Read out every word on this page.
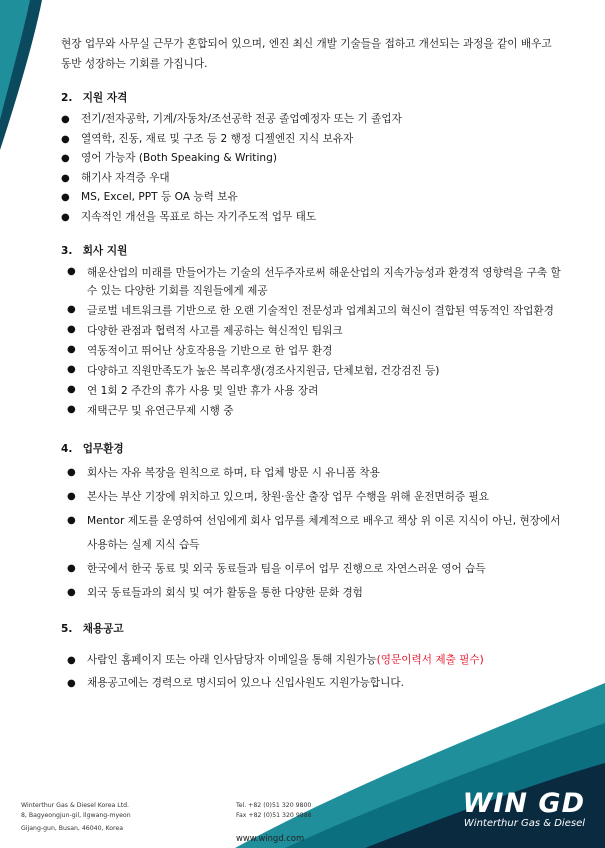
현장 업무와 사무실 근무가 혼합되어 있으며, 엔진 최신 개발 기술들을 접하고 개선되는 과정을 같이 배우고 동반 성장하는 기회를 가집니다.

2. 지원 자격
● 전기/전자공학, 기계/자동차/조선공학 전공 졸업예정자 또는 기 졸업자
● 열역학, 진동, 재료 및 구조 등 2 행정 디젤엔진 지식 보유자
● 영어 가능자 (Both Speaking & Writing)
● 해기사 자격증 우대
● MS, Excel, PPT 등 OA 능력 보유
● 지속적인 개선을 목표로 하는 자기주도적 업무 태도
3. 회사 지원
● 해운산업의 미래를 만들어가는 기술의 선두주자로써 해운산업의 지속가능성과 환경적 영향력을 구축 할 수 있는 다양한 기회를 직원들에게 제공
● 글로벌 네트워크를 기반으로 한 오랜 기술적인 전문성과 업계최고의 혁신이 결합된 역동적인 작업환경
● 다양한 관점과 협력적 사고를 제공하는 혁신적인 팀워크
● 역동적이고 뛰어난 상호작용을 기반으로 한 업무 환경
● 다양하고 직원만족도가 높은 복리후생(경조사지원금, 단체보험, 건강검진 등)
● 연 1회 2 주간의 휴가 사용 및 일반 휴가 사용 장려
● 재택근무 및 유연근무제 시행 중
4. 업무환경
● 회사는 자유 복장을 원칙으로 하며, 타 업체 방문 시 유니폼 착용
● 본사는 부산 기장에 위치하고 있으며, 창원·울산 출장 업무 수행을 위해 운전면허증 필요
● Mentor 제도를 운영하여 선임에게 회사 업무를 체계적으로 배우고 책상 위 이론 지식이 아닌, 현장에서 사용하는 실제 지식 습득
● 한국에서 한국 동료 및 외국 동료들과 팀을 이루어 업무 진행으로 자연스러운 영어 습득
● 외국 동료들과의 회식 및 여가 활동을 통한 다양한 문화 경험
5. 채용공고
● 사람인 홈페이지 또는 아래 인사담당자 이메일을 통해 지원가능(영문이력서 제출 필수)
● 채용공고에는 경력으로 명시되어 있으나 신입사원도 지원가능합니다.
Winterthur Gas & Diesel Korea Ltd.
8, Bagyeongjun-gil, Ilgwang-myeon
Gijang-gun, Busan, 46040, Korea
Tel. +82 (0)51 320 9800
Fax +82 (0)51 320 9888
www.wingd.com
WIN GD
Winterthur Gas & Diesel
